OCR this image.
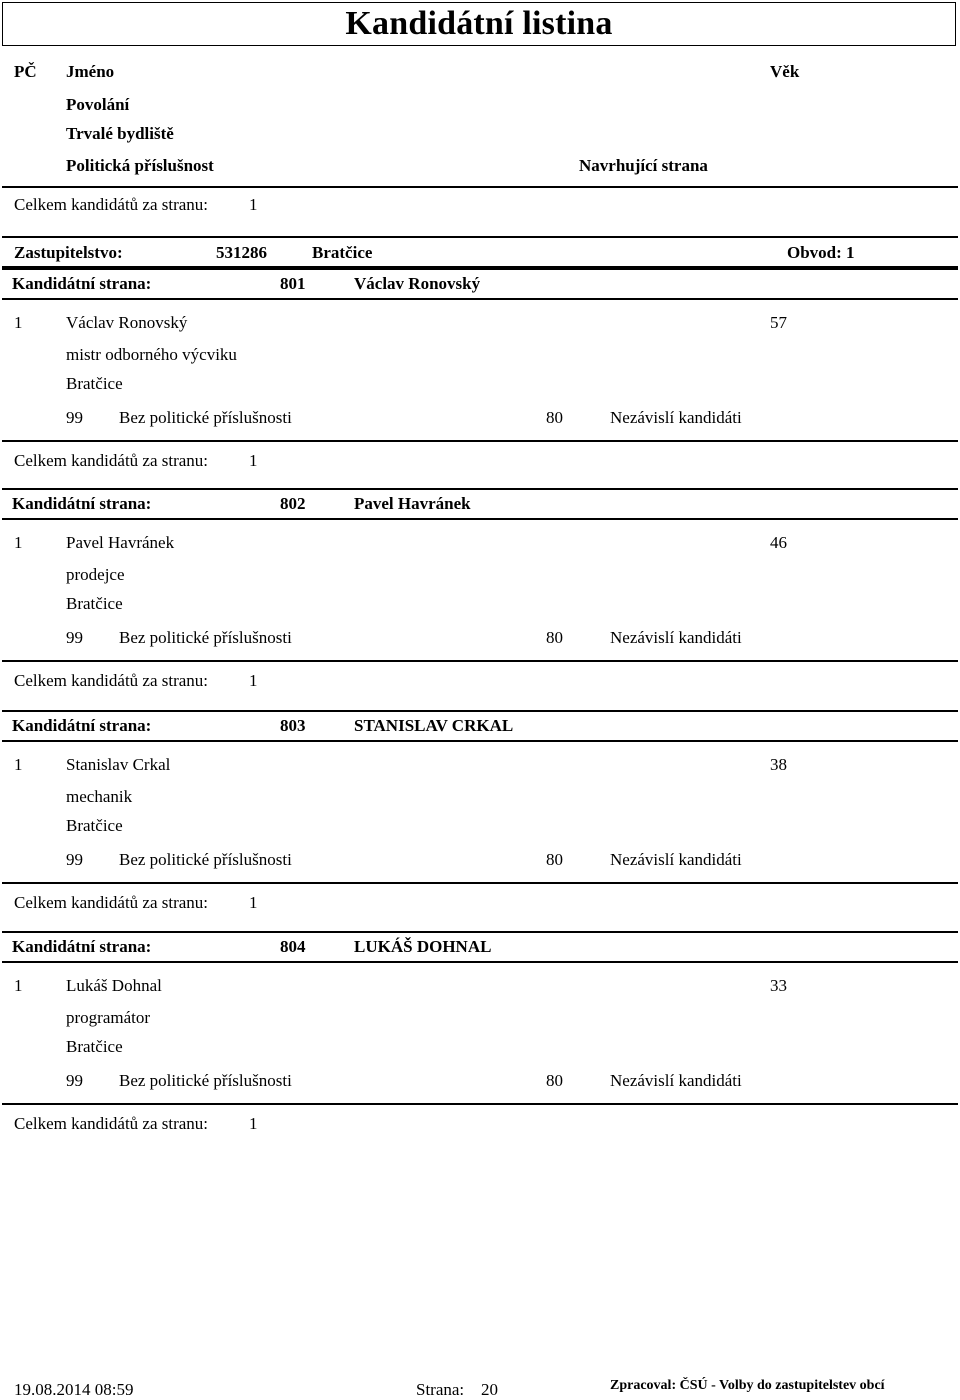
Kandidátní listina
PČ Jméno	Věk
Povolání
Trvalé bydliště
Politická příslušnost	Navrhující strana
Celkem kandidátů za stranu: 1
Zastupitelstvo:	531286	Bratčice	Obvod: 1
Kandidátní strana:	801	Václav Ronovský
1	Václav Ronovský	57
mistr odborného výcviku
Bratčice
99 Bez politické příslušnosti	80	Nezávislí kandidáti
Celkem kandidátů za stranu: 1
Kandidátní strana:	802	Pavel Havránek
1	Pavel Havránek	46
prodejce
Bratčice
99 Bez politické příslušnosti	80	Nezávislí kandidáti
Celkem kandidátů za stranu: 1
Kandidátní strana:	803	STANISLAV CRKAL
1	Stanislav Crkal	38
mechanik
Bratčice
99 Bez politické příslušnosti	80	Nezávislí kandidáti
Celkem kandidátů za stranu: 1
Kandidátní strana:	804	LUKÁŠ DOHNAL
1	Lukáš Dohnal	33
programátor
Bratčice
99 Bez politické příslušnosti	80	Nezávislí kandidáti
Celkem kandidátů za stranu: 1
19.08.2014 08:59	Strana: 20	Zpracoval: ČSÚ - Volby do zastupitelstev obcí
